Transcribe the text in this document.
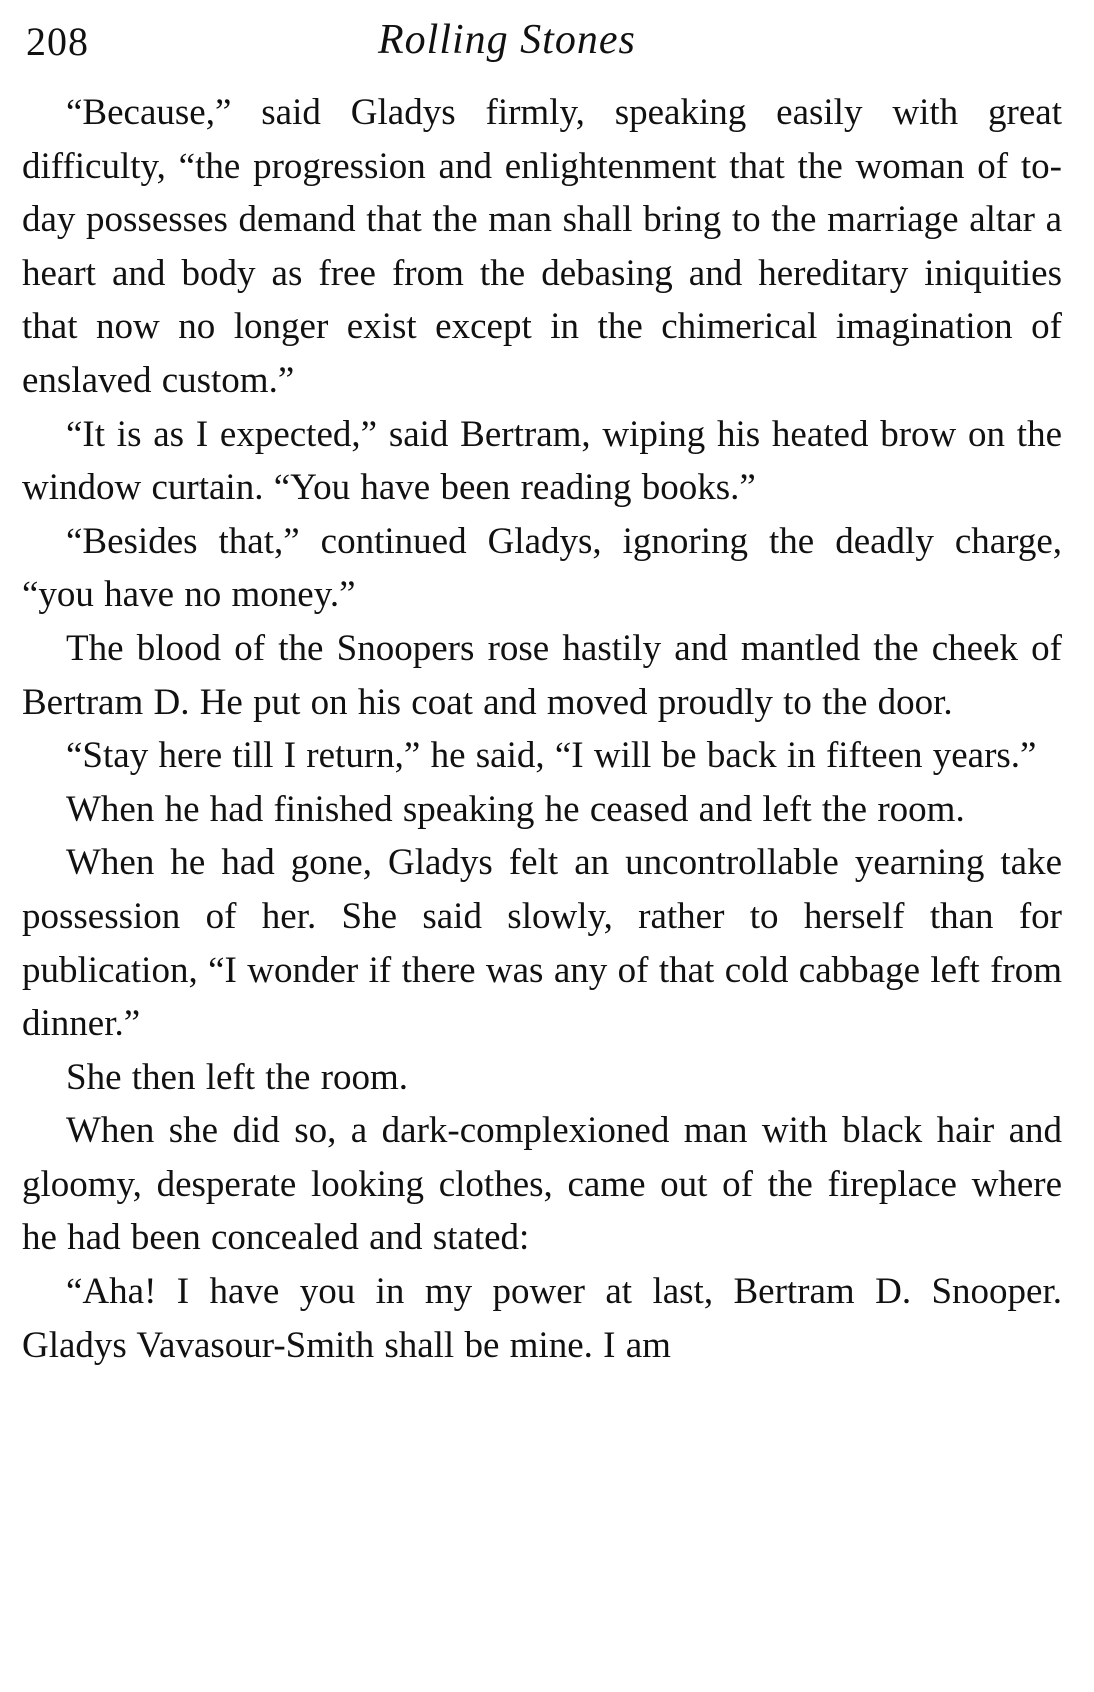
208	Rolling Stones

“Because,” said Gladys firmly, speaking easily with great difficulty, “the progression and enlightenment that the woman of to-day possesses demand that the man shall bring to the marriage altar a heart and body as free from the debasing and hereditary iniquities that now no longer exist except in the chimerical imagination of enslaved custom.”

“It is as I expected,” said Bertram, wiping his heated brow on the window curtain. “You have been reading books.”

“Besides that,” continued Gladys, ignoring the deadly charge, “you have no money.”

The blood of the Snoopers rose hastily and mantled the cheek of Bertram D. He put on his coat and moved proudly to the door.

“Stay here till I return,” he said, “I will be back in fifteen years.”

When he had finished speaking he ceased and left the room.

When he had gone, Gladys felt an uncontrollable yearning take possession of her. She said slowly, rather to herself than for publication, “I wonder if there was any of that cold cabbage left from dinner.”

She then left the room.

When she did so, a dark-complexioned man with black hair and gloomy, desperate looking clothes, came out of the fireplace where he had been concealed and stated:

“Aha! I have you in my power at last, Bertram D. Snooper. Gladys Vavasour-Smith shall be mine. I am
